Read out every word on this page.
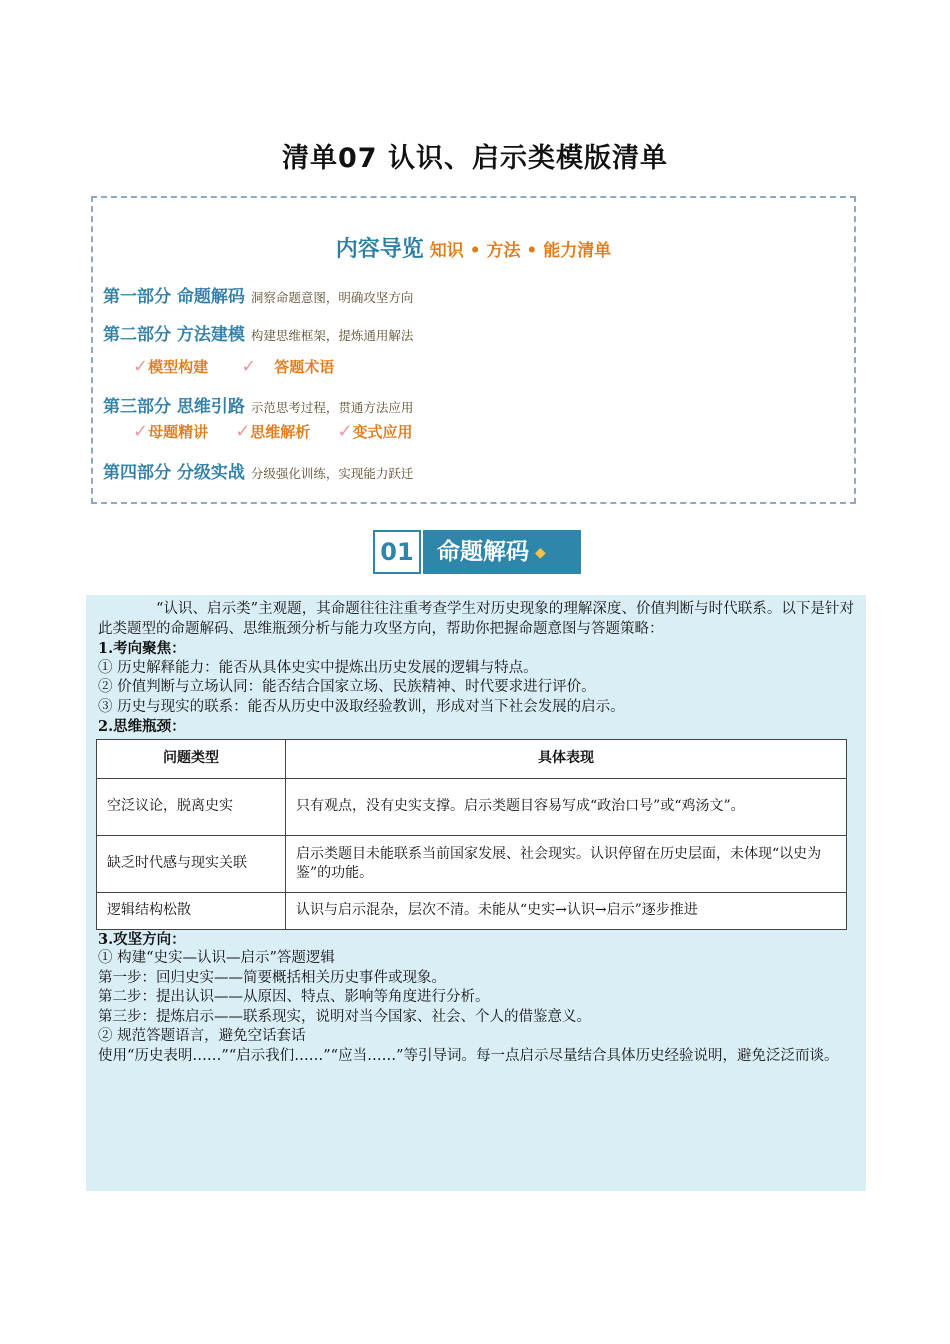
清单07 认识、启示类模版清单
内容导览 知识 • 方法 • 能力清单
第一部分 命题解码 洞察命题意图，明确攻坚方向
第二部分 方法建模 构建思维框架，提炼通用解法
✓模型构建 ✓ 答题术语
第三部分 思维引路 示范思考过程，贯通方法应用
✓母题精讲 ✓思维解析 ✓变式应用
第四部分 分级实战 分级强化训练，实现能力跃迁
01	命题解码 ◆
“认识、启示类”主观题，其命题往往注重考查学生对历史现象的理解深度、价值判断与时代联系。以下是针对此类题型的命题解码、思维瓶颈分析与能力攻坚方向，帮助你把握命题意图与答题策略：
1.考向聚焦：
① 历史解释能力：能否从具体史实中提炼出历史发展的逻辑与特点。
② 价值判断与立场认同：能否结合国家立场、民族精神、时代要求进行评价。
③ 历史与现实的联系：能否从历史中汲取经验教训，形成对当下社会发展的启示。
2.思维瓶颈：
问题类型	具体表现
空泛议论，脱离史实	只有观点，没有史实支撑。启示类题目容易写成“政治口号”或“鸡汤文”。
缺乏时代感与现实关联	启示类题目未能联系当前国家发展、社会现实。认识停留在历史层面，未体现“以史为鉴”的功能。
逻辑结构松散	认识与启示混杂，层次不清。未能从“史实→认识→启示”逐步推进
3.攻坚方向：
① 构建“史实—认识—启示”答题逻辑
第一步：回归史实——简要概括相关历史事件或现象。
第二步：提出认识——从原因、特点、影响等角度进行分析。
第三步：提炼启示——联系现实，说明对当今国家、社会、个人的借鉴意义。
② 规范答题语言，避免空话套话
使用“历史表明……”“启示我们……”“应当……”等引导词。每一点启示尽量结合具体历史经验说明，避免泛泛而谈。
